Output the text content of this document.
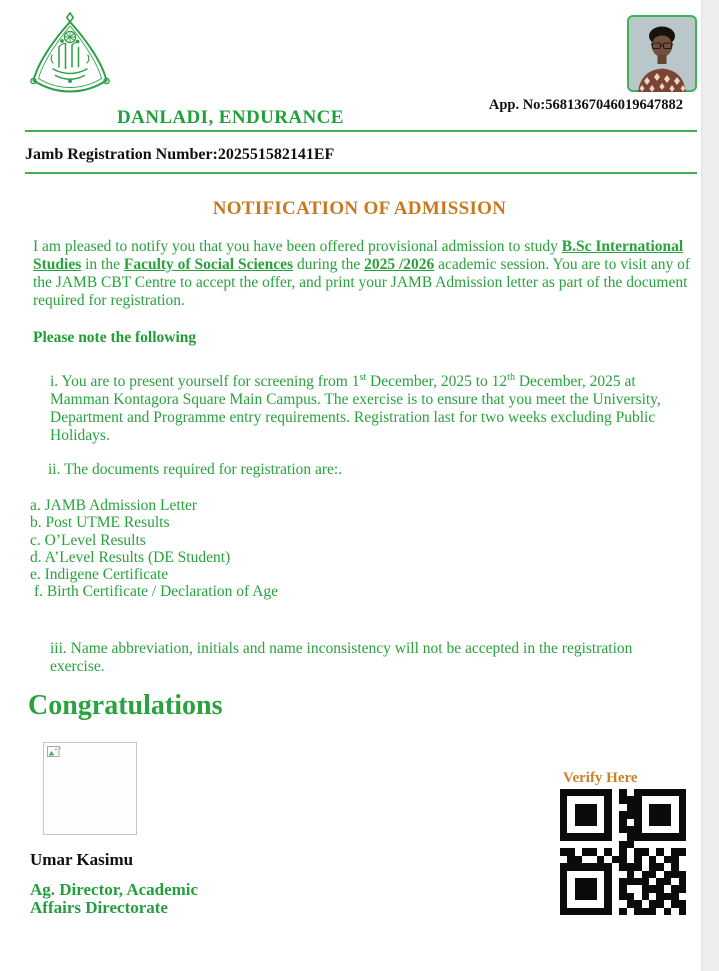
App. No:5681367046019647882
DANLADI, ENDURANCE
Jamb Registration Number:202551582141EF
NOTIFICATION OF ADMISSION

I am pleased to notify you that you have been offered provisional admission to study B.Sc International Studies in the Faculty of Social Sciences during the 2025 /2026 academic session. You are to visit any of the JAMB CBT Centre to accept the offer, and print your JAMB Admission letter as part of the document required for registration.

Please note the following

i. You are to present yourself for screening from 1st December, 2025 to 12th December, 2025 at Mamman Kontagora Square Main Campus. The exercise is to ensure that you meet the University, Department and Programme entry requirements. Registration last for two weeks excluding Public Holidays.

ii. The documents required for registration are:.

a. JAMB Admission Letter
b. Post UTME Results
c. O’Level Results
d. A’Level Results (DE Student)
e. Indigene Certificate
f. Birth Certificate / Declaration of Age

iii. Name abbreviation, initials and name inconsistency will not be accepted in the registration exercise.

Congratulations
Umar Kasimu
Ag. Director, Academic Affairs Directorate
Verify Here
